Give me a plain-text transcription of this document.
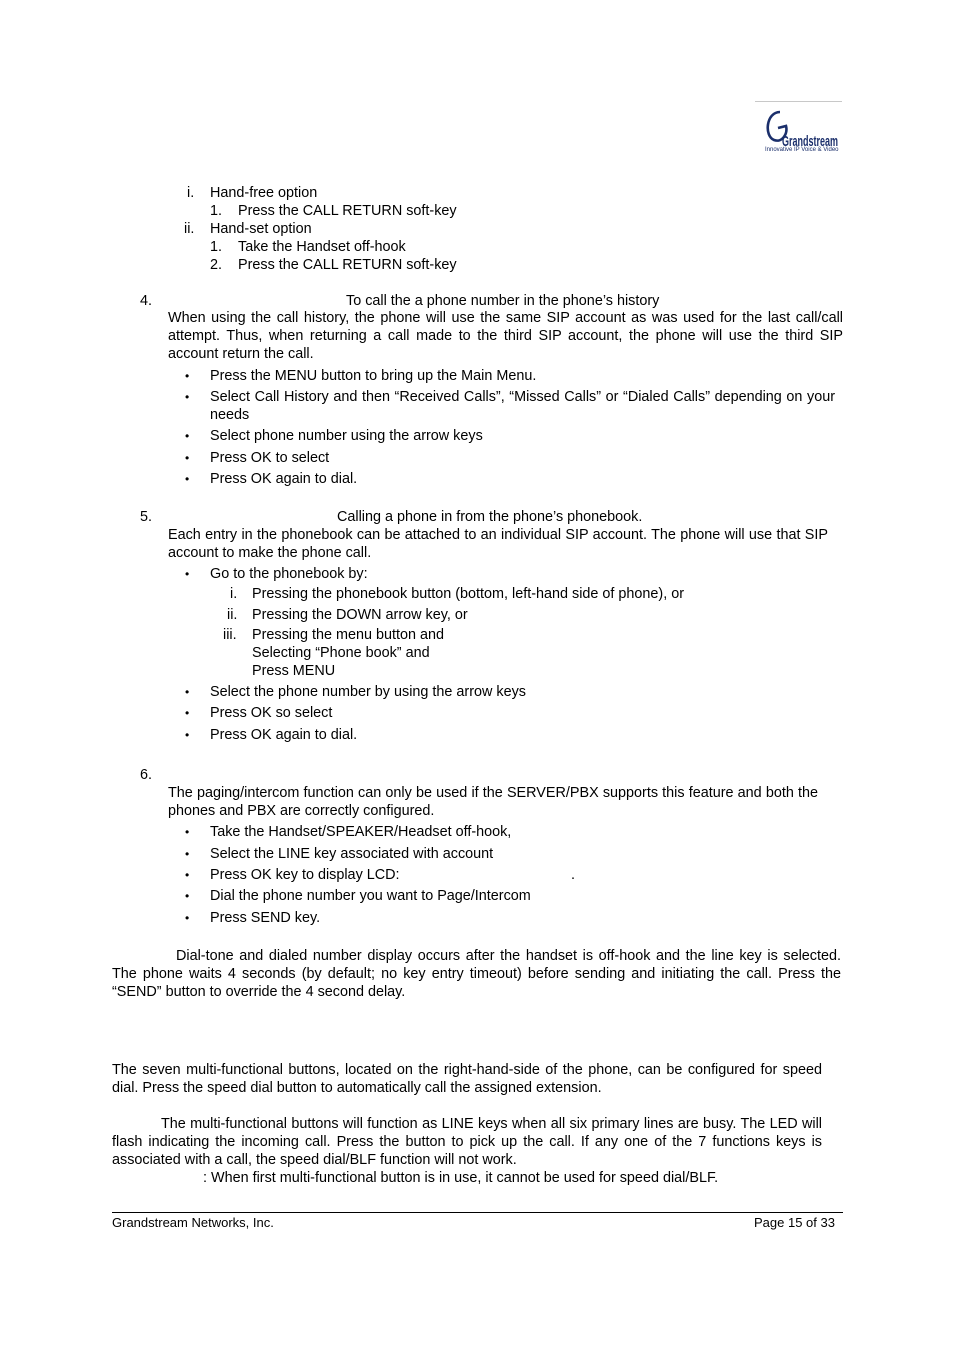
Grandstream
Innovative IP Voice & Video
i. Hand-free option
1. Press the CALL RETURN soft-key
ii. Hand-set option
1. Take the Handset off-hook
2. Press the CALL RETURN soft-key
4.	To call the a phone number in the phone’s history
When using the call history, the phone will use the same SIP account as was used for the last call/call attempt. Thus, when returning a call made to the third SIP account, the phone will use the third SIP account return the call.
• Press the MENU button to bring up the Main Menu.
• Select Call History and then “Received Calls”, “Missed Calls” or “Dialed Calls” depending on your needs
• Select phone number using the arrow keys
• Press OK to select
• Press OK again to dial.
5.	Calling a phone in from the phone’s phonebook.
Each entry in the phonebook can be attached to an individual SIP account. The phone will use that SIP account to make the phone call.
• Go to the phonebook by:
i. Pressing the phonebook button (bottom, left-hand side of phone), or
ii. Pressing the DOWN arrow key, or
iii. Pressing the menu button and
Selecting “Phone book” and
Press MENU
• Select the phone number by using the arrow keys
• Press OK so select
• Press OK again to dial.
6.
The paging/intercom function can only be used if the SERVER/PBX supports this feature and both the phones and PBX are correctly configured.
• Take the Handset/SPEAKER/Headset off-hook,
• Select the LINE key associated with account
• Press OK key to display LCD:	.
• Dial the phone number you want to Page/Intercom
• Press SEND key.
Dial-tone and dialed number display occurs after the handset is off-hook and the line key is selected. The phone waits 4 seconds (by default; no key entry timeout) before sending and initiating the call. Press the “SEND” button to override the 4 second delay.
The seven multi-functional buttons, located on the right-hand-side of the phone, can be configured for speed dial. Press the speed dial button to automatically call the assigned extension.
The multi-functional buttons will function as LINE keys when all six primary lines are busy. The LED will flash indicating the incoming call. Press the button to pick up the call. If any one of the 7 functions keys is associated with a call, the speed dial/BLF function will not work.
: When first multi-functional button is in use, it cannot be used for speed dial/BLF.
Grandstream Networks, Inc.	Page 15 of 33
